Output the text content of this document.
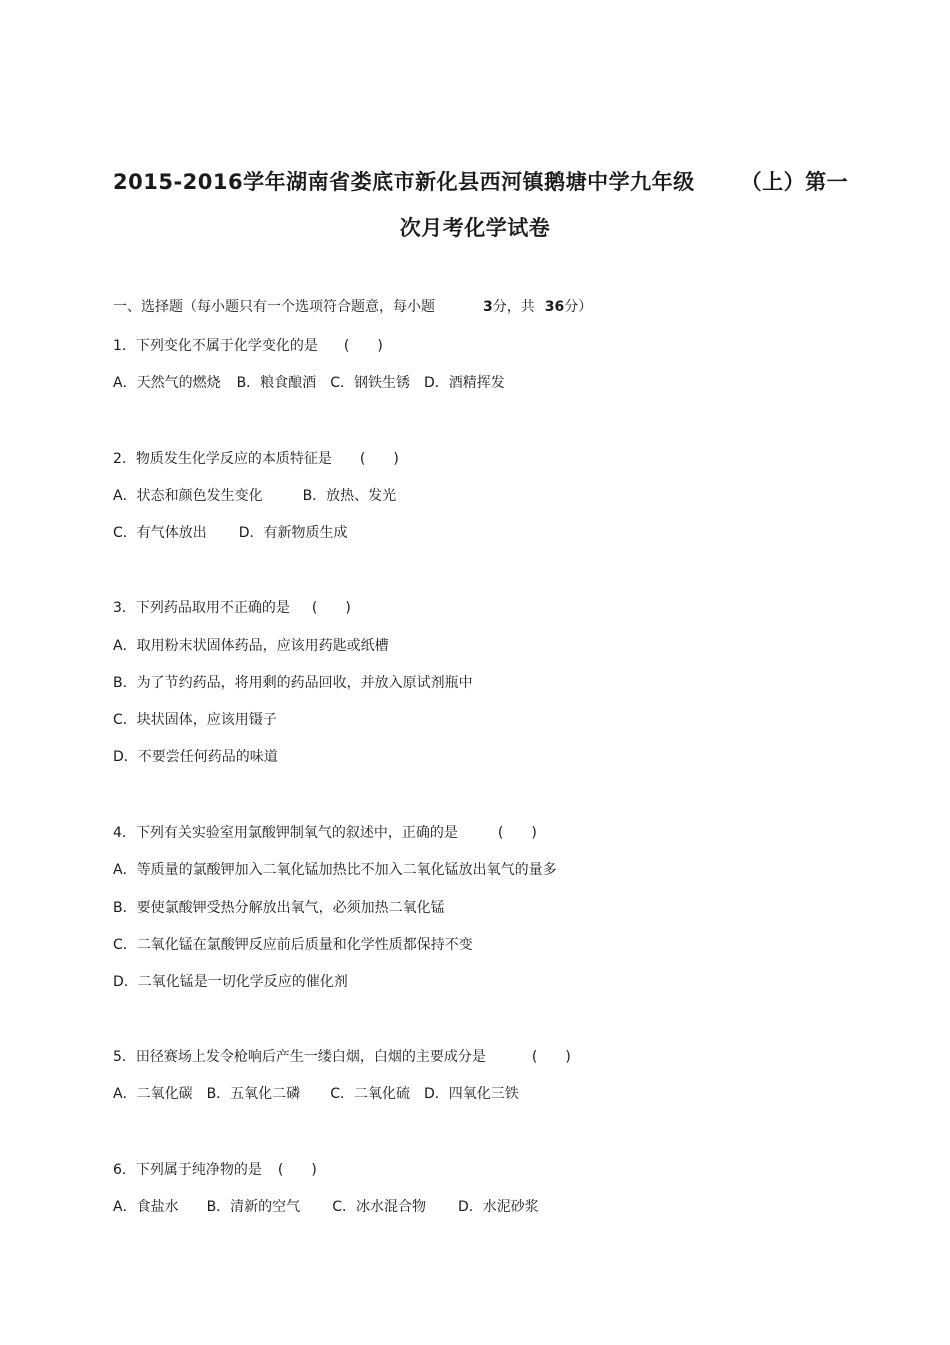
2015-2016学年湖南省娄底市新化县西河镇鹅塘中学九年级 （上）第一
次月考化学试卷
一、选择题（每小题只有一个选项符合题意，每小题	3分，共 36分）
1．下列变化不属于化学变化的是 (　　)
A．天然气的燃烧 B．粮食酿酒 C．钢铁生锈 D．酒精挥发
2．物质发生化学反应的本质特征是 (　　)
A．状态和颜色发生变化	B．放热、发光
C．有气体放出 D．有新物质生成
3．下列药品取用不正确的是 (　　)
A．取用粉末状固体药品，应该用药匙或纸槽
B．为了节约药品，将用剩的药品回收，并放入原试剂瓶中
C．块状固体，应该用镊子
D．不要尝任何药品的味道
4．下列有关实验室用氯酸钾制氧气的叙述中，正确的是	(　　)
A．等质量的氯酸钾加入二氧化锰加热比不加入二氧化锰放出氧气的量多
B．要使氯酸钾受热分解放出氧气，必须加热二氧化锰
C．二氧化锰在氯酸钾反应前后质量和化学性质都保持不变
D．二氧化锰是一切化学反应的催化剂
5．田径赛场上发令枪响后产生一缕白烟，白烟的主要成分是	(　　)
A．二氧化碳 B．五氧化二磷 C．二氧化硫 D．四氧化三铁
6．下列属于纯净物的是 (　　)
A．食盐水 B．清新的空气 C．冰水混合物 D．水泥砂浆
